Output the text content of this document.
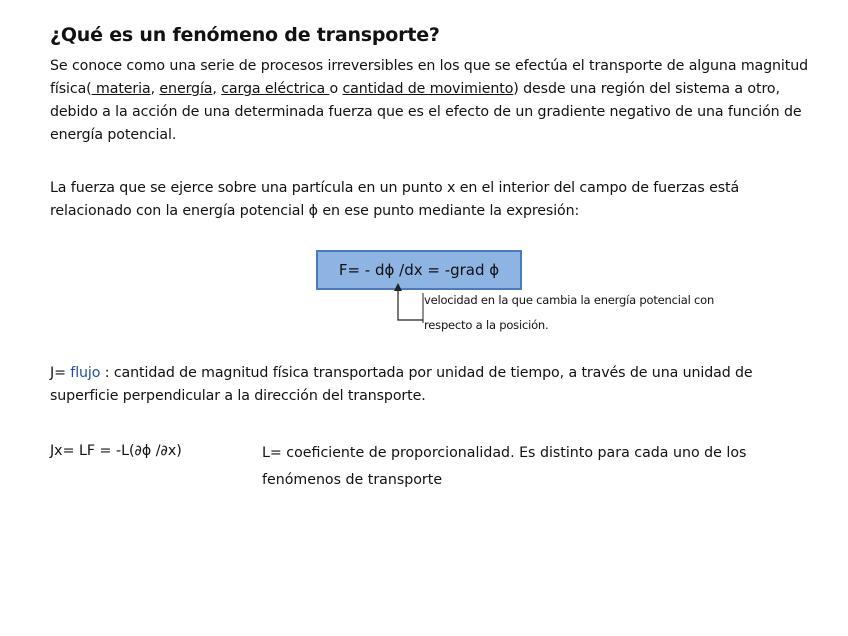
¿Qué es un fenómeno de transporte?
Se conoce como una serie de procesos irreversibles en los que se efectúa el transporte de alguna magnitud física( materia, energía, carga eléctrica o cantidad de movimiento) desde una región del sistema a otro, debido a la acción de una determinada fuerza que es el efecto de un gradiente negativo de una función de energía potencial.
La fuerza que se ejerce sobre una partícula en un punto x en el interior del campo de fuerzas está relacionado con la energía potencial ϕ en ese punto mediante la expresión:
F= - dϕ /dx = -grad ϕ
velocidad en la que cambia la energía potencial con
respecto a la posición.
J= flujo : cantidad de magnitud física transportada por unidad de tiempo, a través de una unidad de superficie perpendicular a la dirección del transporte.
Jx= LF = -L(∂ϕ /∂x)	L= coeficiente de proporcionalidad. Es distinto para cada uno de los fenómenos de transporte
